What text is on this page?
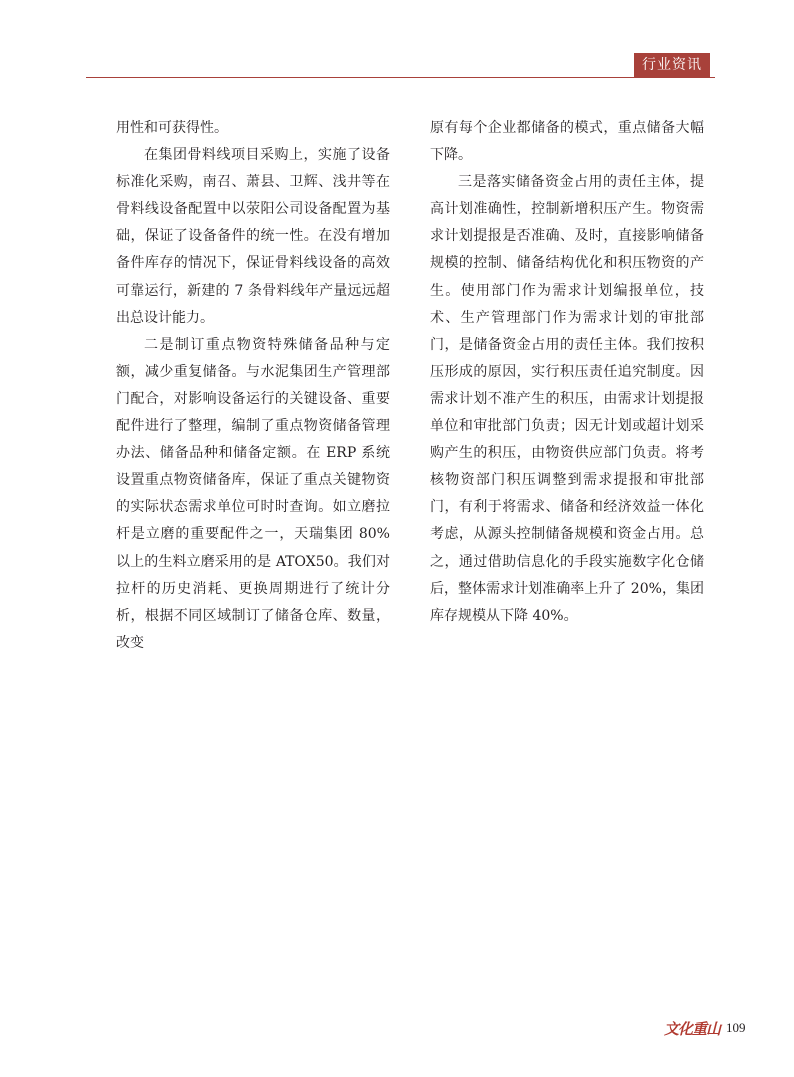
行业资讯

用性和可获得性。

在集团骨料线项目采购上，实施了设备标准化采购，南召、萧县、卫辉、浅井等在骨料线设备配置中以荥阳公司设备配置为基础，保证了设备备件的统一性。在没有增加备件库存的情况下，保证骨料线设备的高效可靠运行，新建的 7 条骨料线年产量远远超出总设计能力。

二是制订重点物资特殊储备品种与定额，减少重复储备。与水泥集团生产管理部门配合，对影响设备运行的关键设备、重要配件进行了整理，编制了重点物资储备管理办法、储备品种和储备定额。在 ERP 系统设置重点物资储备库，保证了重点关键物资的实际状态需求单位可时时查询。如立磨拉杆是立磨的重要配件之一，天瑞集团 80% 以上的生料立磨采用的是 ATOX50。我们对拉杆的历史消耗、更换周期进行了统计分析，根据不同区域制订了储备仓库、数量，改变

原有每个企业都储备的模式，重点储备大幅下降。

三是落实储备资金占用的责任主体，提高计划准确性，控制新增积压产生。物资需求计划提报是否准确、及时，直接影响储备规模的控制、储备结构优化和积压物资的产生。使用部门作为需求计划编报单位，技术、生产管理部门作为需求计划的审批部门，是储备资金占用的责任主体。我们按积压形成的原因，实行积压责任追究制度。因需求计划不准产生的积压，由需求计划提报单位和审批部门负责；因无计划或超计划采购产生的积压，由物资供应部门负责。将考核物资部门积压调整到需求提报和审批部门，有利于将需求、储备和经济效益一体化考虑，从源头控制储备规模和资金占用。总之，通过借助信息化的手段实施数字化仓储后，整体需求计划准确率上升了 20%，集团库存规模从下降 40%。

文化重山 109
